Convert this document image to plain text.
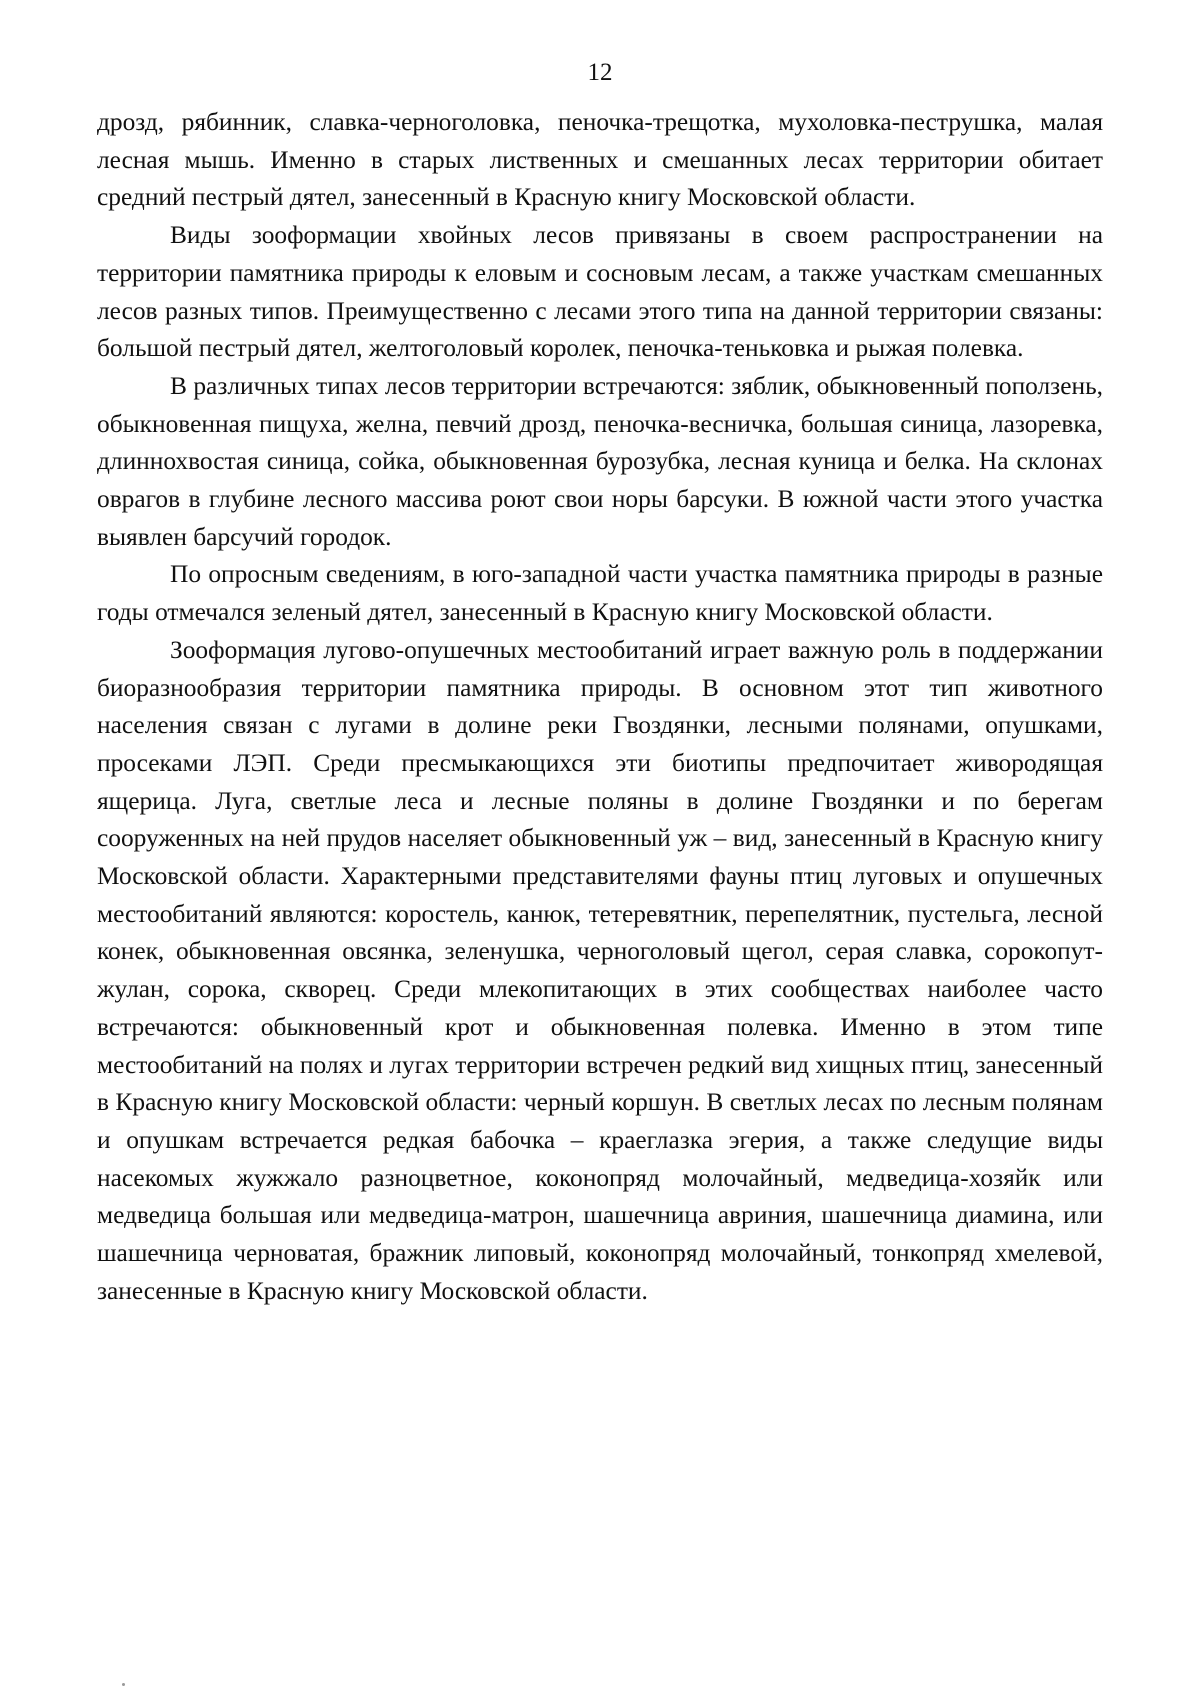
12

дрозд, рябинник, славка-черноголовка, пеночка-трещотка, мухоловка-пеструшка, малая лесная мышь. Именно в старых лиственных и смешанных лесах территории обитает средний пестрый дятел, занесенный в Красную книгу Московской области.

Виды зооформации хвойных лесов привязаны в своем распространении на территории памятника природы к еловым и сосновым лесам, а также участкам смешанных лесов разных типов. Преимущественно с лесами этого типа на данной территории связаны: большой пестрый дятел, желтоголовый королек, пеночка-теньковка и рыжая полевка.

В различных типах лесов территории встречаются: зяблик, обыкновенный поползень, обыкновенная пищуха, желна, певчий дрозд, пеночка-весничка, большая синица, лазоревка, длиннохвостая синица, сойка, обыкновенная бурозубка, лесная куница и белка. На склонах оврагов в глубине лесного массива роют свои норы барсуки. В южной части этого участка выявлен барсучий городок.

По опросным сведениям, в юго-западной части участка памятника природы в разные годы отмечался зеленый дятел, занесенный в Красную книгу Московской области.

Зооформация лугово-опушечных местообитаний играет важную роль в поддержании биоразнообразия территории памятника природы. В основном этот тип животного населения связан с лугами в долине реки Гвоздянки, лесными полянами, опушками, просеками ЛЭП. Среди пресмыкающихся эти биотипы предпочитает живородящая ящерица. Луга, светлые леса и лесные поляны в долине Гвоздянки и по берегам сооруженных на ней прудов населяет обыкновенный уж – вид, занесенный в Красную книгу Московской области. Характерными представителями фауны птиц луговых и опушечных местообитаний являются: коростель, канюк, тетеревятник, перепелятник, пустельга, лесной конек, обыкновенная овсянка, зеленушка, черноголовый щегол, серая славка, сорокопут-жулан, сорока, скворец. Среди млекопитающих в этих сообществах наиболее часто встречаются: обыкновенный крот и обыкновенная полевка. Именно в этом типе местообитаний на полях и лугах территории встречен редкий вид хищных птиц, занесенный в Красную книгу Московской области: черный коршун. В светлых лесах по лесным полянам и опушкам встречается редкая бабочка – краеглазка эгерия, а также следущие виды насекомых жужжало разноцветное, коконопряд молочайный, медведица-хозяйк или медведица большая или медведица-матрон, шашечница авриния, шашечница диамина, или шашечница черноватая, бражник липовый, коконопряд молочайный, тонкопряд хмелевой, занесенные в Красную книгу Московской области.
